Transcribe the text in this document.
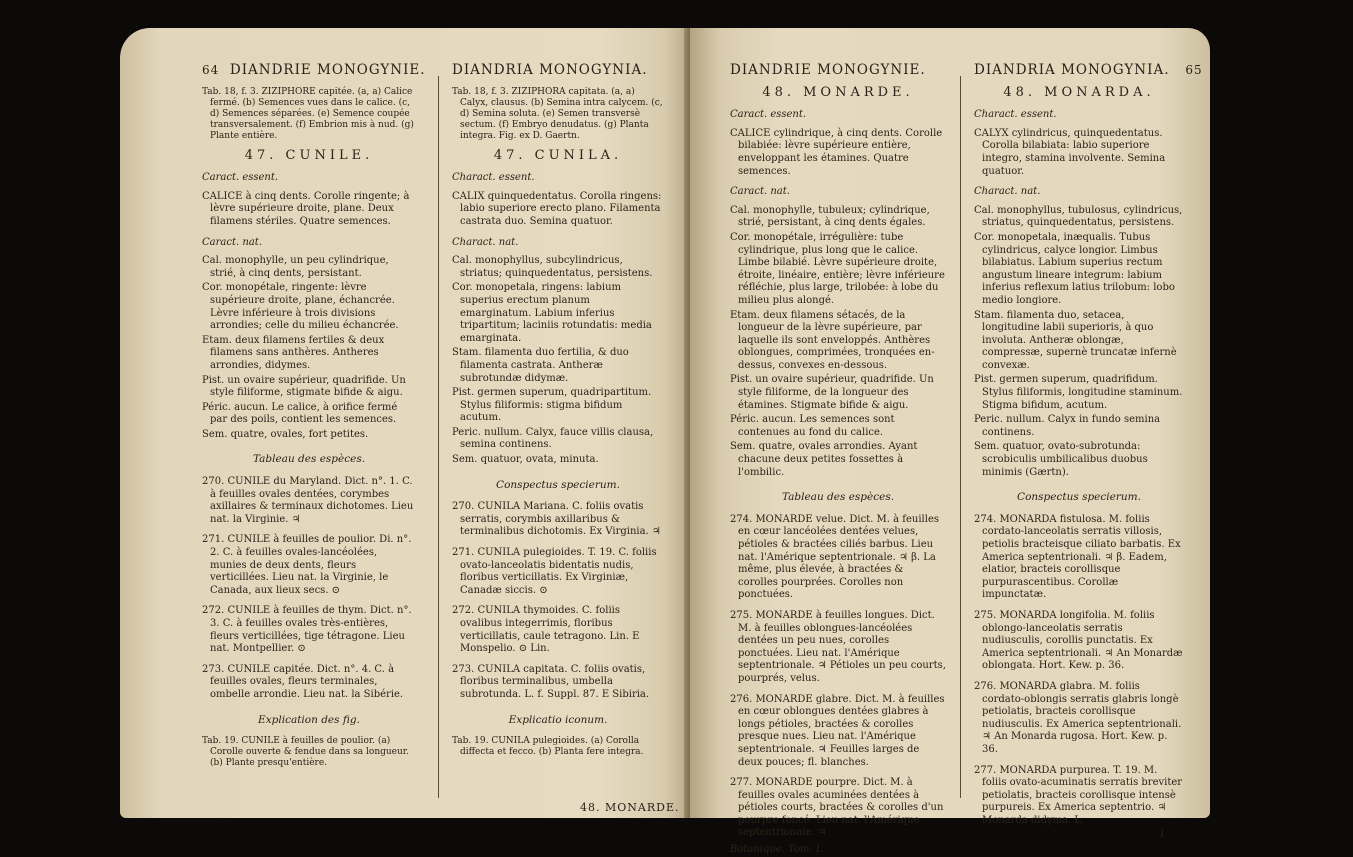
64 DIANDRIE MONOGYNIE.

Tab. 18, f. 3. ZIZIPHORE capitée. (a, a) Calice fermé. (b) Semences vues dans le calice. (c, d) Semences séparées. (e) Semence coupée transversalement. (f) Embrion mis à nud. (g) Plante entière.

47. CUNILE.
Caract. essent.

CALICE à cinq dents. Corolle ringente; à lèvre supérieure droite, plane. Deux filamens stériles. Quatre semences.

Caract. nat.

Cal. monophylle, un peu cylindrique, strié, à cinq dents, persistant.

Cor. monopétale, ringente: lèvre supérieure droite, plane, échancrée. Lèvre inférieure à trois divisions arrondies; celle du milieu échancrée.

Etam. deux filamens fertiles & deux filamens sans anthères. Antheres arrondies, didymes.

Pist. un ovaire supérieur, quadrifide. Un style filiforme, stigmate bifide & aigu.

Péric. aucun. Le calice, à orifice fermé par des poils, contient les semences.

Sem. quatre, ovales, fort petites.

Tableau des espèces.

270. CUNILE du Maryland. Dict. n°. 1. C. à feuilles ovales dentées, corymbes axillaires & terminaux dichotomes. Lieu nat. la Virginie. ♃

271. CUNILE à feuilles de poulior. Di. n°. 2. C. à feuilles ovales-lancéolées, munies de deux dents, fleurs verticillées. Lieu nat. la Virginie, le Canada, aux lieux secs. ⊙

272. CUNILE à feuilles de thym. Dict. n°. 3. C. à feuilles ovales très-entières, fleurs verticillées, tige tétragone. Lieu nat. Montpellier. ⊙

273. CUNILE capitée. Dict. n°. 4. C. à feuilles ovales, fleurs terminales, ombelle arrondie. Lieu nat. la Sibérie.

Explication des fig.

Tab. 19. CUNILE à feuilles de poulior. (a) Corolle ouverte & fendue dans sa longueur. (b) Plante presqu'entière.

DIANDRIA MONOGYNIA.

Tab. 18, f. 3. ZIZIPHORA capitata. (a, a) Calyx, clausus. (b) Semina intra calycem. (c, d) Semina soluta. (e) Semen transversè sectum. (f) Embryo denudatus. (g) Planta integra. Fig. ex D. Gaertn.

47. CUNILA.
Charact. essent.

CALIX quinquedentatus. Corolla ringens: labio superiore erecto plano. Filamenta castrata duo. Semina quatuor.

Charact. nat.

Cal. monophyllus, subcylindricus, striatus; quinquedentatus, persistens.

Cor. monopetala, ringens: labium superius erectum planum emarginatum. Labium inferius tripartitum; laciniis rotundatis: media emarginata.

Stam. filamenta duo fertilia, & duo filamenta castrata. Antheræ subrotundæ didymæ.

Pist. germen superum, quadripartitum. Stylus filiformis: stigma bifidum acutum.

Peric. nullum. Calyx, fauce villis clausa, semina continens.

Sem. quatuor, ovata, minuta.

Conspectus specierum.

270. CUNILA Mariana. C. foliis ovatis serratis, corymbis axillaribus & terminalibus dichotomis. Ex Virginia. ♃

271. CUNILA pulegioides. T. 19. C. foliis ovato-lanceolatis bidentatis nudis, floribus verticillatis. Ex Virginiæ, Canadæ siccis. ⊙

272. CUNILA thymoides. C. foliis ovalibus integerrimis, floribus verticillatis, caule tetragono. Lin. E Monspelio. ⊙ Lin.

273. CUNILA capitata. C. foliis ovatis, floribus terminalibus, umbella subrotunda. L. f. Suppl. 87. E Sibiria.

Explicatio iconum.

Tab. 19. CUNILA pulegioides. (a) Corolla diffecta et fecco. (b) Planta fere integra.

48. MONARDE.
DIANDRIE MONOGYNIE.
48. MONARDE.
Caract. essent.

CALICE cylindrique, à cinq dents. Corolle bilabiée: lèvre supérieure entière, enveloppant les étamines. Quatre semences.

Caract. nat.

Cal. monophylle, tubuleux; cylindrique, strié, persistant, à cinq dents égales.

Cor. monopétale, irrégulière: tube cylindrique, plus long que le calice. Limbe bilabié. Lèvre supérieure droite, étroite, linéaire, entière; lèvre inférieure réfléchie, plus large, trilobée: à lobe du milieu plus alongé.

Etam. deux filamens sétacés, de la longueur de la lèvre supérieure, par laquelle ils sont enveloppés. Anthères oblongues, comprimées, tronquées en-dessus, convexes en-dessous.

Pist. un ovaire supérieur, quadrifide. Un style filiforme, de la longueur des étamines. Stigmate bifide & aigu.

Péric. aucun. Les semences sont contenues au fond du calice.

Sem. quatre, ovales arrondies. Ayant chacune deux petites fossettes à l'ombilic.

Tableau des espèces.

274. MONARDE velue. Dict. M. à feuilles en cœur lancéolées dentées velues, pétioles & bractées ciliés barbus. Lieu nat. l'Amérique septentrionale. ♃ β. La même, plus élevée, à bractées & corolles pourprées. Corolles non ponctuées.

275. MONARDE à feuilles longues. Dict. M. à feuilles oblongues-lancéolées dentées un peu nues, corolles ponctuées. Lieu nat. l'Amérique septentrionale. ♃ Pétioles un peu courts, pourprés, velus.

276. MONARDE glabre. Dict. M. à feuilles en cœur oblongues dentées glabres à longs pétioles, bractées & corolles presque nues. Lieu nat. l'Amérique septentrionale. ♃ Feuilles larges de deux pouces; fl. blanches.

277. MONARDE pourpre. Dict. M. à feuilles ovales acuminées dentées à pétioles courts, bractées & corolles d'un pourpre foncé. Lieu nat. l'Amérique septentrionale. ♃

Botanique. Tom. I.
DIANDRIA MONOGYNIA. 65
48. MONARDA.
Charact. essent.

CALYX cylindricus, quinquedentatus. Corolla bilabiata: labio superiore integro, stamina involvente. Semina quatuor.

Charact. nat.

Cal. monophyllus, tubulosus, cylindricus, striatus, quinquedentatus, persistens.

Cor. monopetala, inæqualis. Tubus cylindricus, calyce longior. Limbus bilabiatus. Labium superius rectum angustum lineare integrum: labium inferius reflexum latius trilobum: lobo medio longiore.

Stam. filamenta duo, setacea, longitudine labii superioris, à quo involuta. Antheræ oblongæ, compressæ, supernè truncatæ infernè convexæ.

Pist. germen superum, quadrifidum. Stylus filiformis, longitudine staminum. Stigma bifidum, acutum.

Peric. nullum. Calyx in fundo semina continens.

Sem. quatuor, ovato-subrotunda: scrobiculis umbilicalibus duobus minimis (Gærtn).

Conspectus specierum.

274. MONARDA fistulosa. M. foliis cordato-lanceolatis serratis villosis, petiolis bracteisque ciliato barbatis. Ex America septentrionali. ♃ β. Eadem, elatior, bracteis corollisque purpurascentibus. Corollæ impunctatæ.

275. MONARDA longifolia. M. foliis oblongo-lanceolatis serratis nudiusculis, corollis punctatis. Ex America septentrionali. ♃ An Monardæ oblongata. Hort. Kew. p. 36.

276. MONARDA glabra. M. foliis cordato-oblongis serratis glabris longè petiolatis, bracteis corollisque nudiusculis. Ex America septentrionali. ♃ An Monarda rugosa. Hort. Kew. p. 36.

277. MONARDA purpurea. T. 19. M. foliis ovato-acuminatis serratis breviter petiolatis, bracteis corollisque intensè purpureis. Ex America septentrio. ♃ Monarda didyma. L

I
